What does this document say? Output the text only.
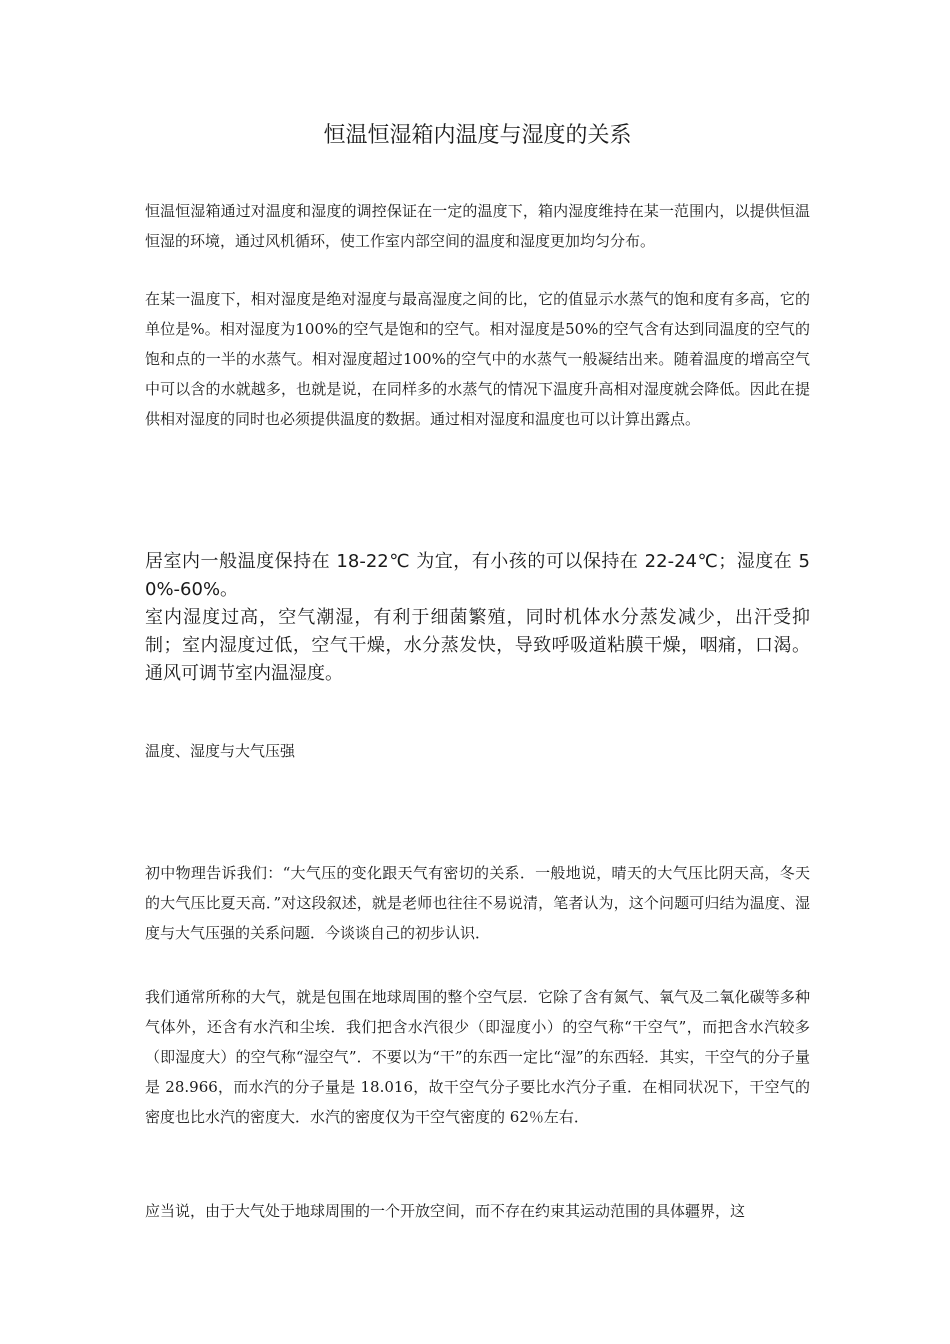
恒温恒湿箱内温度与湿度的关系

恒温恒湿箱通过对温度和湿度的调控保证在一定的温度下，箱内湿度维持在某一范围内，以提供恒温恒湿的环境，通过风机循环，使工作室内部空间的温度和湿度更加均匀分布。

在某一温度下，相对湿度是绝对湿度与最高湿度之间的比，它的值显示水蒸气的饱和度有多高，它的单位是%。相对湿度为100%的空气是饱和的空气。相对湿度是50%的空气含有达到同温度的空气的饱和点的一半的水蒸气。相对湿度超过100%的空气中的水蒸气一般凝结出来。随着温度的增高空气中可以含的水就越多，也就是说，在同样多的水蒸气的情况下温度升高相对湿度就会降低。因此在提供相对湿度的同时也必须提供温度的数据。通过相对湿度和温度也可以计算出露点。

居室内一般温度保持在 18-22℃ 为宜，有小孩的可以保持在 22-24℃；湿度在 50%-60%。

室内湿度过高，空气潮湿，有利于细菌繁殖，同时机体水分蒸发减少，出汗受抑制；室内湿度过低，空气干燥，水分蒸发快，导致呼吸道粘膜干燥，咽痛，口渴。通风可调节室内温湿度。

温度、湿度与大气压强

初中物理告诉我们：“大气压的变化跟天气有密切的关系．一般地说，晴天的大气压比阴天高，冬天的大气压比夏天高．”对这段叙述，就是老师也往往不易说清，笔者认为，这个问题可归结为温度、湿度与大气压强的关系问题．今谈谈自己的初步认识．

我们通常所称的大气，就是包围在地球周围的整个空气层．它除了含有氮气、氧气及二氧化碳等多种气体外，还含有水汽和尘埃．我们把含水汽很少（即湿度小）的空气称“干空气”，而把含水汽较多（即湿度大）的空气称“湿空气”．不要以为“干”的东西一定比“湿”的东西轻．其实，干空气的分子量是 28.966，而水汽的分子量是 18.016，故干空气分子要比水汽分子重．在相同状况下，干空气的密度也比水汽的密度大．水汽的密度仅为干空气密度的 62％左右．

应当说，由于大气处于地球周围的一个开放空间，而不存在约束其运动范围的具体疆界，这
